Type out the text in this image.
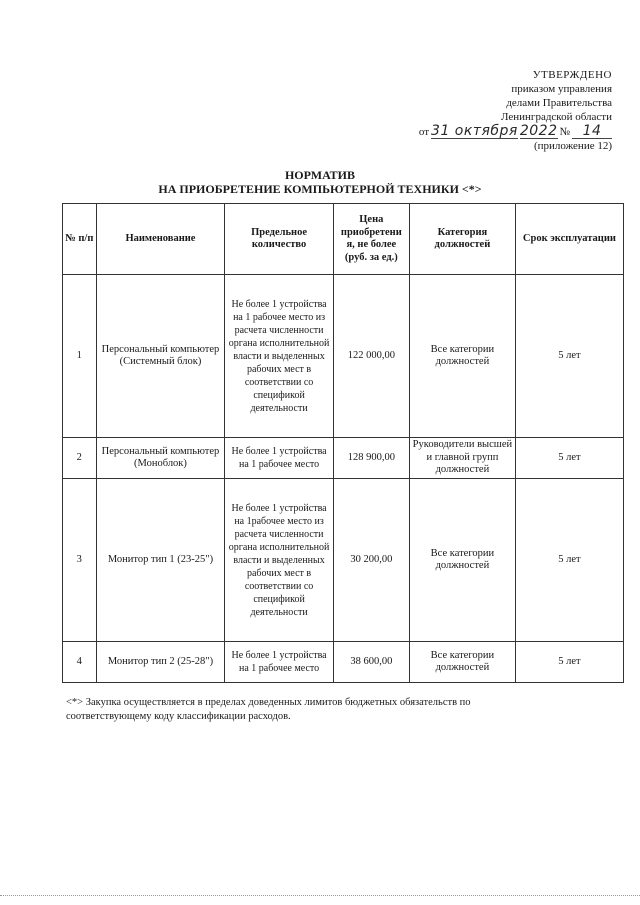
УТВЕРЖДЕНО
приказом управления
делами Правительства
Ленинградской области
от 31 октября 2022 № 14
(приложение 12)
НОРМАТИВ
НА ПРИОБРЕТЕНИЕ КОМПЬЮТЕРНОЙ ТЕХНИКИ <*>
№ п/п	Наименование	Предельное количество	Цена приобретени я, не более (руб. за ед.)	Категория должностей	Срок эксплуатации
1	Персональный компьютер (Системный блок)	Не более 1 устройства на 1 рабочее место из расчета численности органа исполнительной власти и выделенных рабочих мест в соответствии со спецификой деятельности	122 000,00	Все категории должностей	5 лет
2	Персональный компьютер (Моноблок)	Не более 1 устройства на 1 рабочее место	128 900,00	Руководители высшей и главной групп должностей	5 лет
3	Монитор тип 1 (23-25")	Не более 1 устройства на 1рабочее место из расчета численности органа исполнительной власти и выделенных рабочих мест в соответствии со спецификой деятельности	30 200,00	Все категории должностей	5 лет
4	Монитор тип 2 (25-28")	Не более 1 устройства на 1 рабочее место	38 600,00	Все категории должностей	5 лет
<*> Закупка осуществляется в пределах доведенных лимитов бюджетных обязательств по соответствующему коду классификации расходов.
